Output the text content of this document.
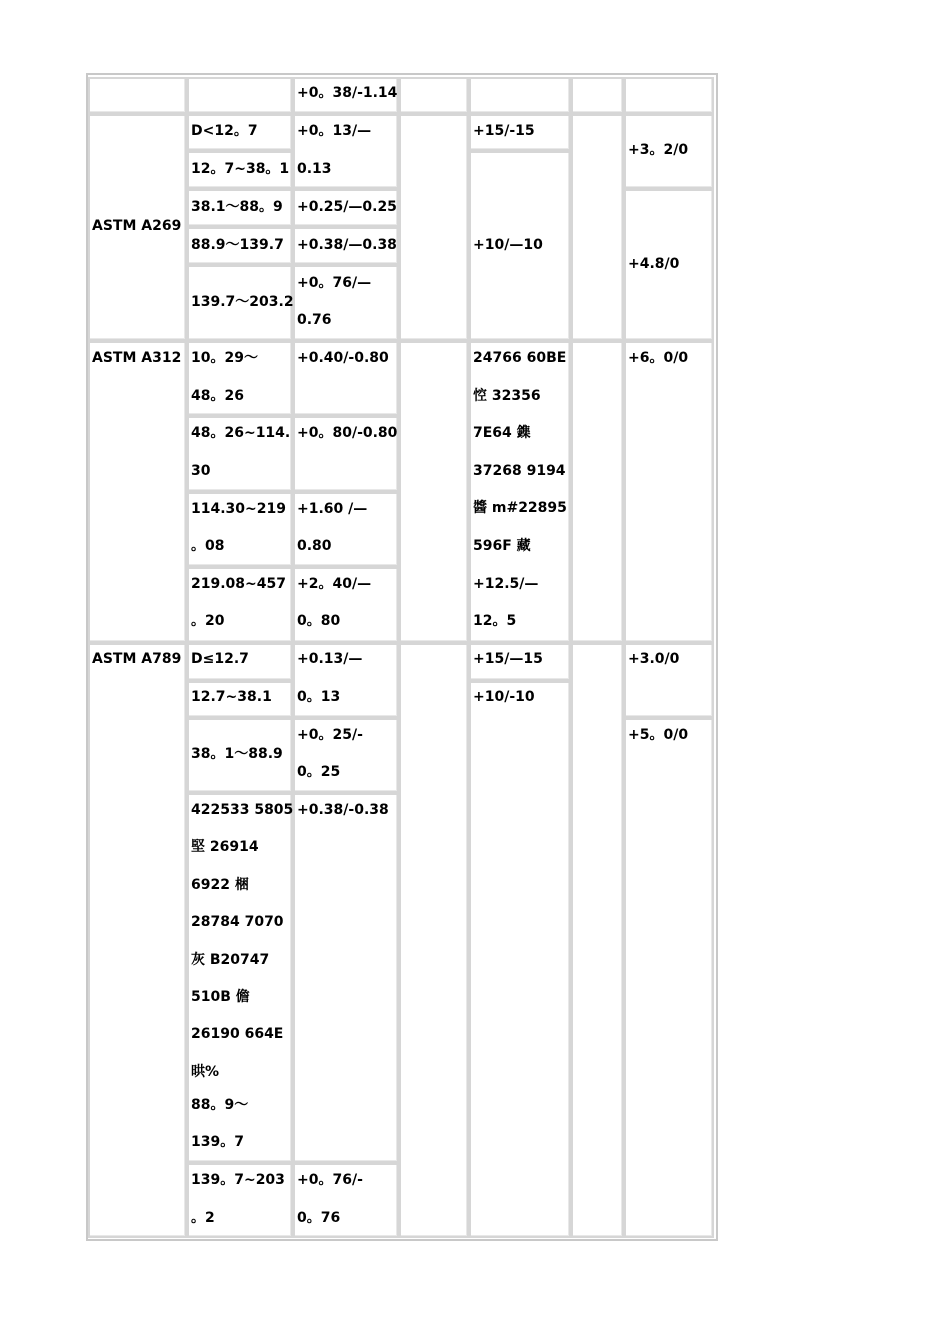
+0。38/-1.14
ASTM A269
D<12。7
12。7~38。1
38.1～88。9
88.9～139.7
139.7～203.2
+0。13/—
0.13
+0.25/—0.25
+0.38/—0.38
+0。76/—
0.76
+15/-15
+10/—10
+3。2/0
+4.8/0
ASTM A312 10。29～
48。26
48。26~114.
30
114.30~219
。08
219.08~457
。20
+0.40/-0.80
+0。80/-0.80
+1.60 /—
0.80
+2。40/—
0。80
24766 60BE
悾 32356
7E64 鏶
37268 9194
醬 m#22895
596F 藏
+12.5/—
12。5
+6。0/0
ASTM A789 D≤12.7
12.7~38.1
38。1～88.9
422533 5805
堅 26914
6922 梱
28784 7070
灰 B20747
510B 儋
26190 664E
晎%
88。9～
139。7
139。7~203
。2
+0.13/—
0。13
+0。25/-
0。25
+0.38/-0.38
+0。76/-
0。76
+15/—15
+10/-10
+3.0/0
+5。0/0
